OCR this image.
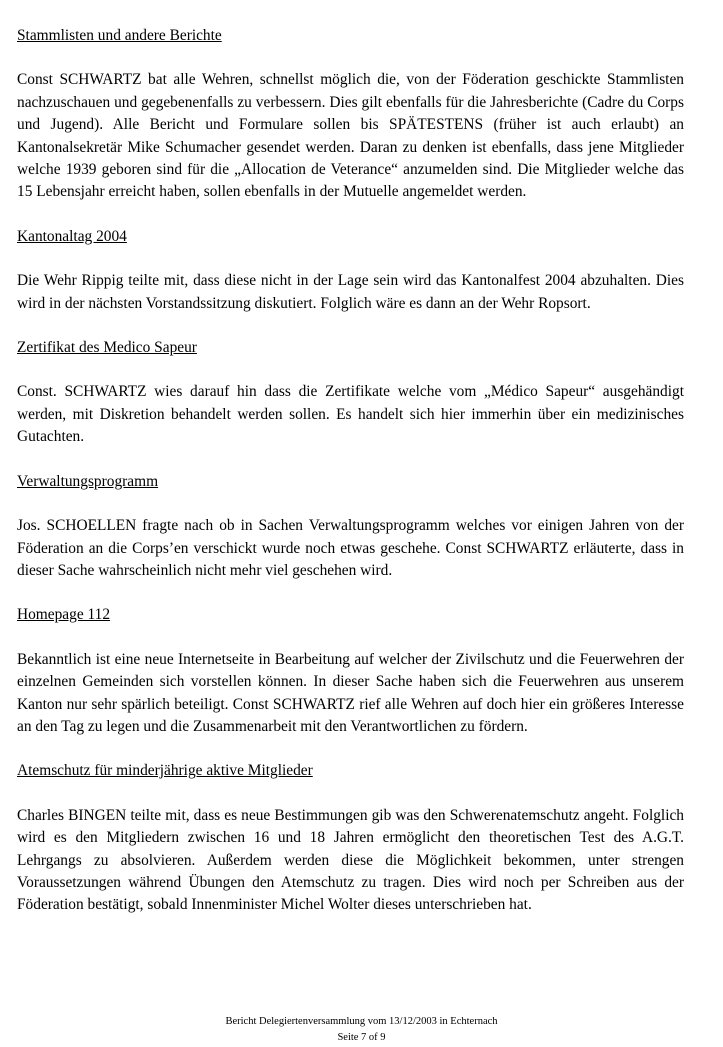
Stammlisten und andere Berichte

Const SCHWARTZ bat alle Wehren, schnellst möglich die, von der Föderation geschickte Stammlisten nachzuschauen und gegebenenfalls zu verbessern. Dies gilt ebenfalls für die Jahresberichte (Cadre du Corps und Jugend). Alle Bericht und Formulare sollen bis SPÄTESTENS (früher ist auch erlaubt) an Kantonalsekretär Mike Schumacher gesendet werden. Daran zu denken ist ebenfalls, dass jene Mitglieder welche 1939 geboren sind für die „Allocation de Veterance“ anzumelden sind. Die Mitglieder welche das 15 Lebensjahr erreicht haben, sollen ebenfalls in der Mutuelle angemeldet werden.

Kantonaltag 2004

Die Wehr Rippig teilte mit, dass diese nicht in der Lage sein wird das Kantonalfest 2004 abzuhalten. Dies wird in der nächsten Vorstandssitzung diskutiert. Folglich wäre es dann an der Wehr Ropsort.

Zertifikat des Medico Sapeur

Const. SCHWARTZ wies darauf hin dass die Zertifikate welche vom „Médico Sapeur“ ausgehändigt werden, mit Diskretion behandelt werden sollen. Es handelt sich hier immerhin über ein medizinisches Gutachten.

Verwaltungsprogramm

Jos. SCHOELLEN fragte nach ob in Sachen Verwaltungsprogramm welches vor einigen Jahren von der Föderation an die Corps’en verschickt wurde noch etwas geschehe. Const SCHWARTZ erläuterte, dass in dieser Sache wahrscheinlich nicht mehr viel geschehen wird.

Homepage 112

Bekanntlich ist eine neue Internetseite in Bearbeitung auf welcher der Zivilschutz und die Feuerwehren der einzelnen Gemeinden sich vorstellen können. In dieser Sache haben sich die Feuerwehren aus unserem Kanton nur sehr spärlich beteiligt. Const SCHWARTZ rief alle Wehren auf doch hier ein größeres Interesse an den Tag zu legen und die Zusammenarbeit mit den Verantwortlichen zu fördern.

Atemschutz für minderjährige aktive Mitglieder

Charles BINGEN teilte mit, dass es neue Bestimmungen gib was den Schwerenatemschutz angeht. Folglich wird es den Mitgliedern zwischen 16 und 18 Jahren ermöglicht den theoretischen Test des A.G.T. Lehrgangs zu absolvieren. Außerdem werden diese die Möglichkeit bekommen, unter strengen Voraussetzungen während Übungen den Atemschutz zu tragen. Dies wird noch per Schreiben aus der Föderation bestätigt, sobald Innenminister Michel Wolter dieses unterschrieben hat.

Bericht Delegiertenversammlung vom 13/12/2003 in Echternach
Seite 7 of 9
